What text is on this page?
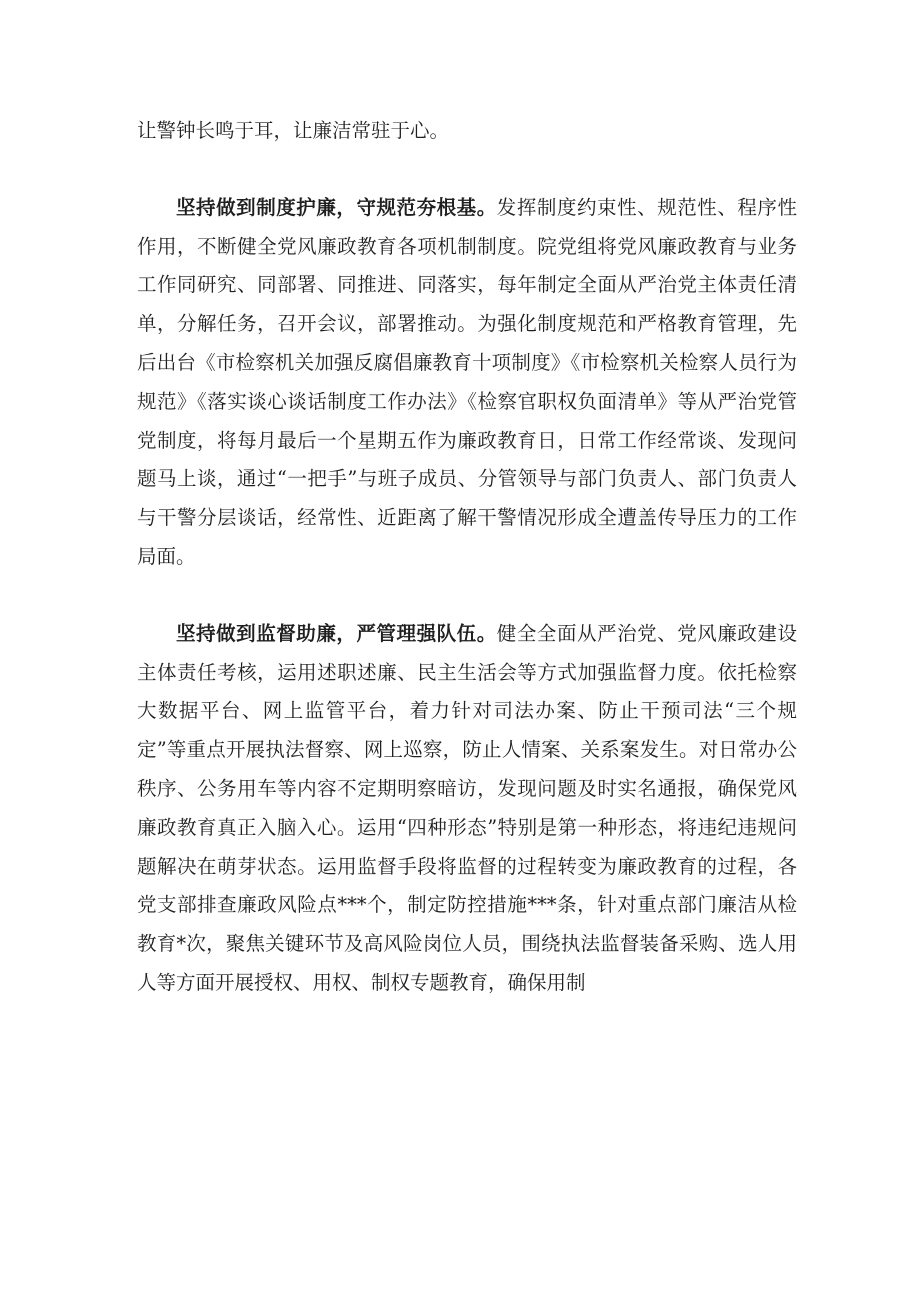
让警钟长鸣于耳，让廉洁常驻于心。

坚持做到制度护廉，守规范夯根基。发挥制度约束性、规范性、程序性作用，不断健全党风廉政教育各项机制制度。院党组将党风廉政教育与业务工作同研究、同部署、同推进、同落实，每年制定全面从严治党主体责任清单，分解任务，召开会议，部署推动。为强化制度规范和严格教育管理，先后出台《市检察机关加强反腐倡廉教育十项制度》《市检察机关检察人员行为规范》《落实谈心谈话制度工作办法》《检察官职权负面清单》等从严治党管党制度，将每月最后一个星期五作为廉政教育日，日常工作经常谈、发现问题马上谈，通过“一把手”与班子成员、分管领导与部门负责人、部门负责人与干警分层谈话，经常性、近距离了解干警情况形成全遭盖传导压力的工作局面。

坚持做到监督助廉，严管理强队伍。健全全面从严治党、党风廉政建设主体责任考核，运用述职述廉、民主生活会等方式加强监督力度。依托检察大数据平台、网上监管平台，着力针对司法办案、防止干预司法“三个规定”等重点开展执法督察、网上巡察，防止人情案、关系案发生。对日常办公秩序、公务用车等内容不定期明察暗访，发现问题及时实名通报，确保党风廉政教育真正入脑入心。运用“四种形态”特别是第一种形态，将违纪违规问题解决在萌芽状态。运用监督手段将监督的过程转变为廉政教育的过程，各党支部排查廉政风险点***个，制定防控措施***条，针对重点部门廉洁从检教育*次，聚焦关键环节及高风险岗位人员，围绕执法监督装备采购、选人用人等方面开展授权、用权、制权专题教育，确保用制
